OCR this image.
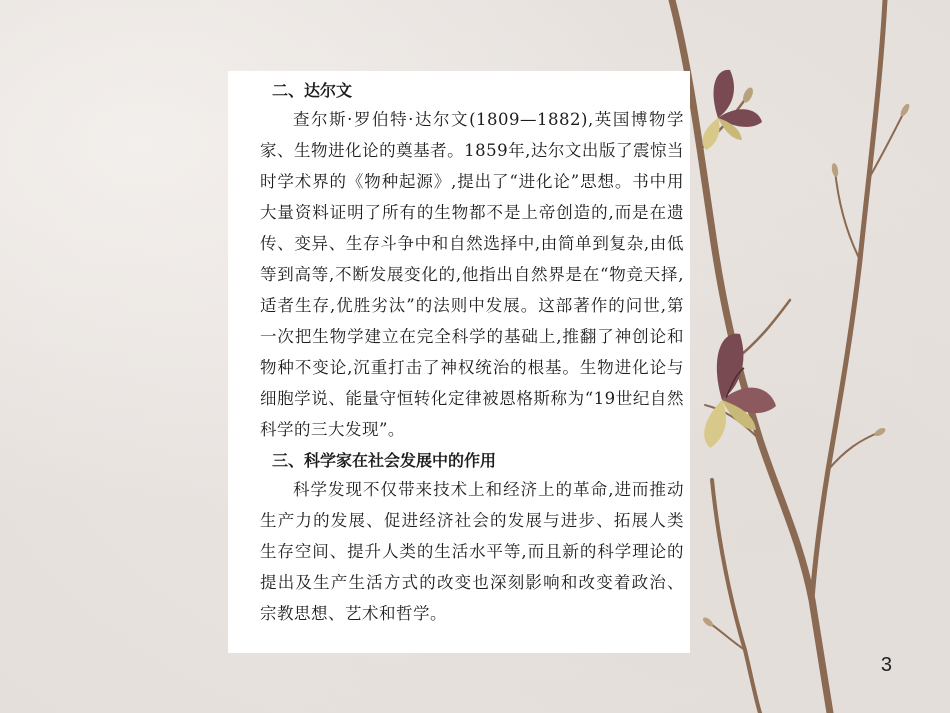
二、达尔文

查尔斯·罗伯特·达尔文(1809—1882),英国博物学家、生物进化论的奠基者。1859年,达尔文出版了震惊当时学术界的《物种起源》,提出了“进化论”思想。书中用大量资料证明了所有的生物都不是上帝创造的,而是在遗传、变异、生存斗争中和自然选择中,由简单到复杂,由低等到高等,不断发展变化的,他指出自然界是在“物竞天择,适者生存,优胜劣汰”的法则中发展。这部著作的问世,第一次把生物学建立在完全科学的基础上,推翻了神创论和物种不变论,沉重打击了神权统治的根基。生物进化论与细胞学说、能量守恒转化定律被恩格斯称为“19世纪自然科学的三大发现”。

三、科学家在社会发展中的作用

科学发现不仅带来技术上和经济上的革命,进而推动生产力的发展、促进经济社会的发展与进步、拓展人类生存空间、提升人类的生活水平等,而且新的科学理论的提出及生产生活方式的改变也深刻影响和改变着政治、宗教思想、艺术和哲学。

3
